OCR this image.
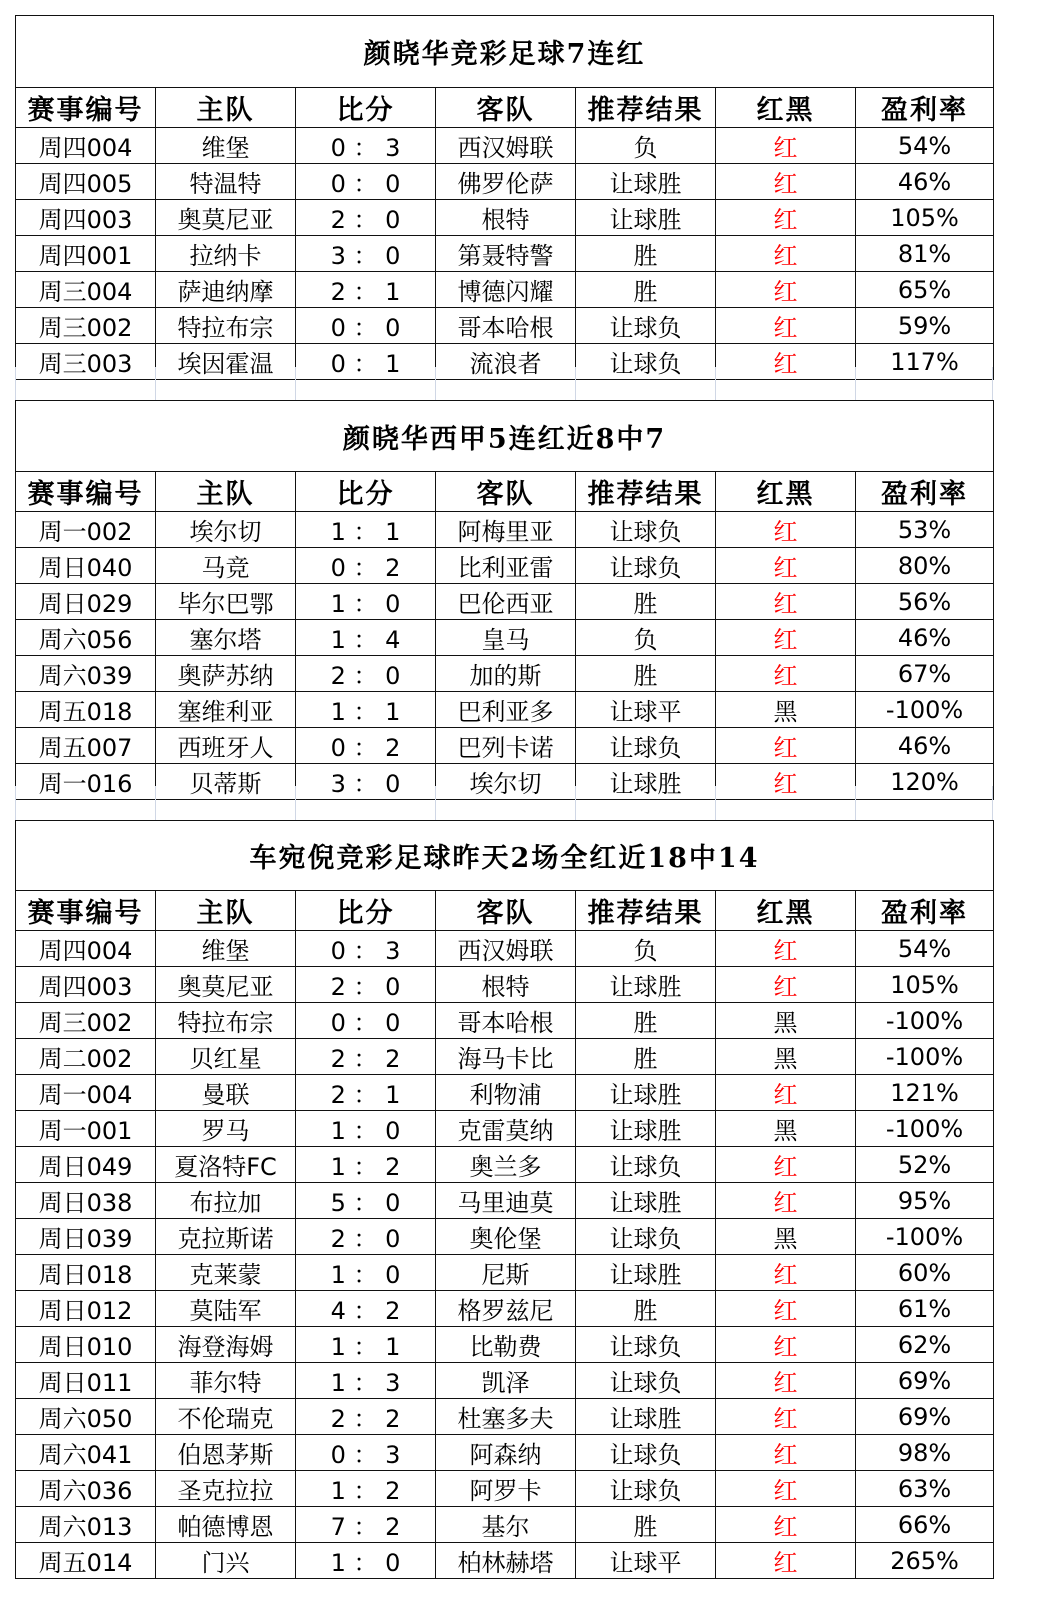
颜晓华竞彩足球7连红						
赛事编号	主队	比分	客队	推荐结果	红黑	盈利率
周四004	维堡	0 ： 3	西汉姆联	负	红	54%
周四005	特温特	0 ： 0	佛罗伦萨	让球胜	红	46%
周四003	奥莫尼亚	2 ： 0	根特	让球胜	红	105%
周四001	拉纳卡	3 ： 0	第聂特警	胜	红	81%
周三004	萨迪纳摩	2 ： 1	博德闪耀	胜	红	65%
周三002	特拉布宗	0 ： 0	哥本哈根	让球负	红	59%
周三003	埃因霍温	0 ： 1	流浪者	让球负	红	117%
颜晓华西甲5连红近8中7						
赛事编号	主队	比分	客队	推荐结果	红黑	盈利率
周一002	埃尔切	1 ： 1	阿梅里亚	让球负	红	53%
周日040	马竞	0 ： 2	比利亚雷	让球负	红	80%
周日029	毕尔巴鄂	1 ： 0	巴伦西亚	胜	红	56%
周六056	塞尔塔	1 ： 4	皇马	负	红	46%
周六039	奥萨苏纳	2 ： 0	加的斯	胜	红	67%
周五018	塞维利亚	1 ： 1	巴利亚多	让球平	黑	-100%
周五007	西班牙人	0 ： 2	巴列卡诺	让球负	红	46%
周一016	贝蒂斯	3 ： 0	埃尔切	让球胜	红	120%
车宛倪竞彩足球昨天2场全红近18中14						
赛事编号	主队	比分	客队	推荐结果	红黑	盈利率
周四004	维堡	0 ： 3	西汉姆联	负	红	54%
周四003	奥莫尼亚	2 ： 0	根特	让球胜	红	105%
周三002	特拉布宗	0 ： 0	哥本哈根	胜	黑	-100%
周二002	贝红星	2 ： 2	海马卡比	胜	黑	-100%
周一004	曼联	2 ： 1	利物浦	让球胜	红	121%
周一001	罗马	1 ： 0	克雷莫纳	让球胜	黑	-100%
周日049	夏洛特FC	1 ： 2	奥兰多	让球负	红	52%
周日038	布拉加	5 ： 0	马里迪莫	让球胜	红	95%
周日039	克拉斯诺	2 ： 0	奥伦堡	让球负	黑	-100%
周日018	克莱蒙	1 ： 0	尼斯	让球胜	红	60%
周日012	莫陆军	4 ： 2	格罗兹尼	胜	红	61%
周日010	海登海姆	1 ： 1	比勒费	让球负	红	62%
周日011	菲尔特	1 ： 3	凯泽	让球负	红	69%
周六050	不伦瑞克	2 ： 2	杜塞多夫	让球胜	红	69%
周六041	伯恩茅斯	0 ： 3	阿森纳	让球负	红	98%
周六036	圣克拉拉	1 ： 2	阿罗卡	让球负	红	63%
周六013	帕德博恩	7 ： 2	基尔	胜	红	66%
周五014	门兴	1 ： 0	柏林赫塔	让球平	红	265%
